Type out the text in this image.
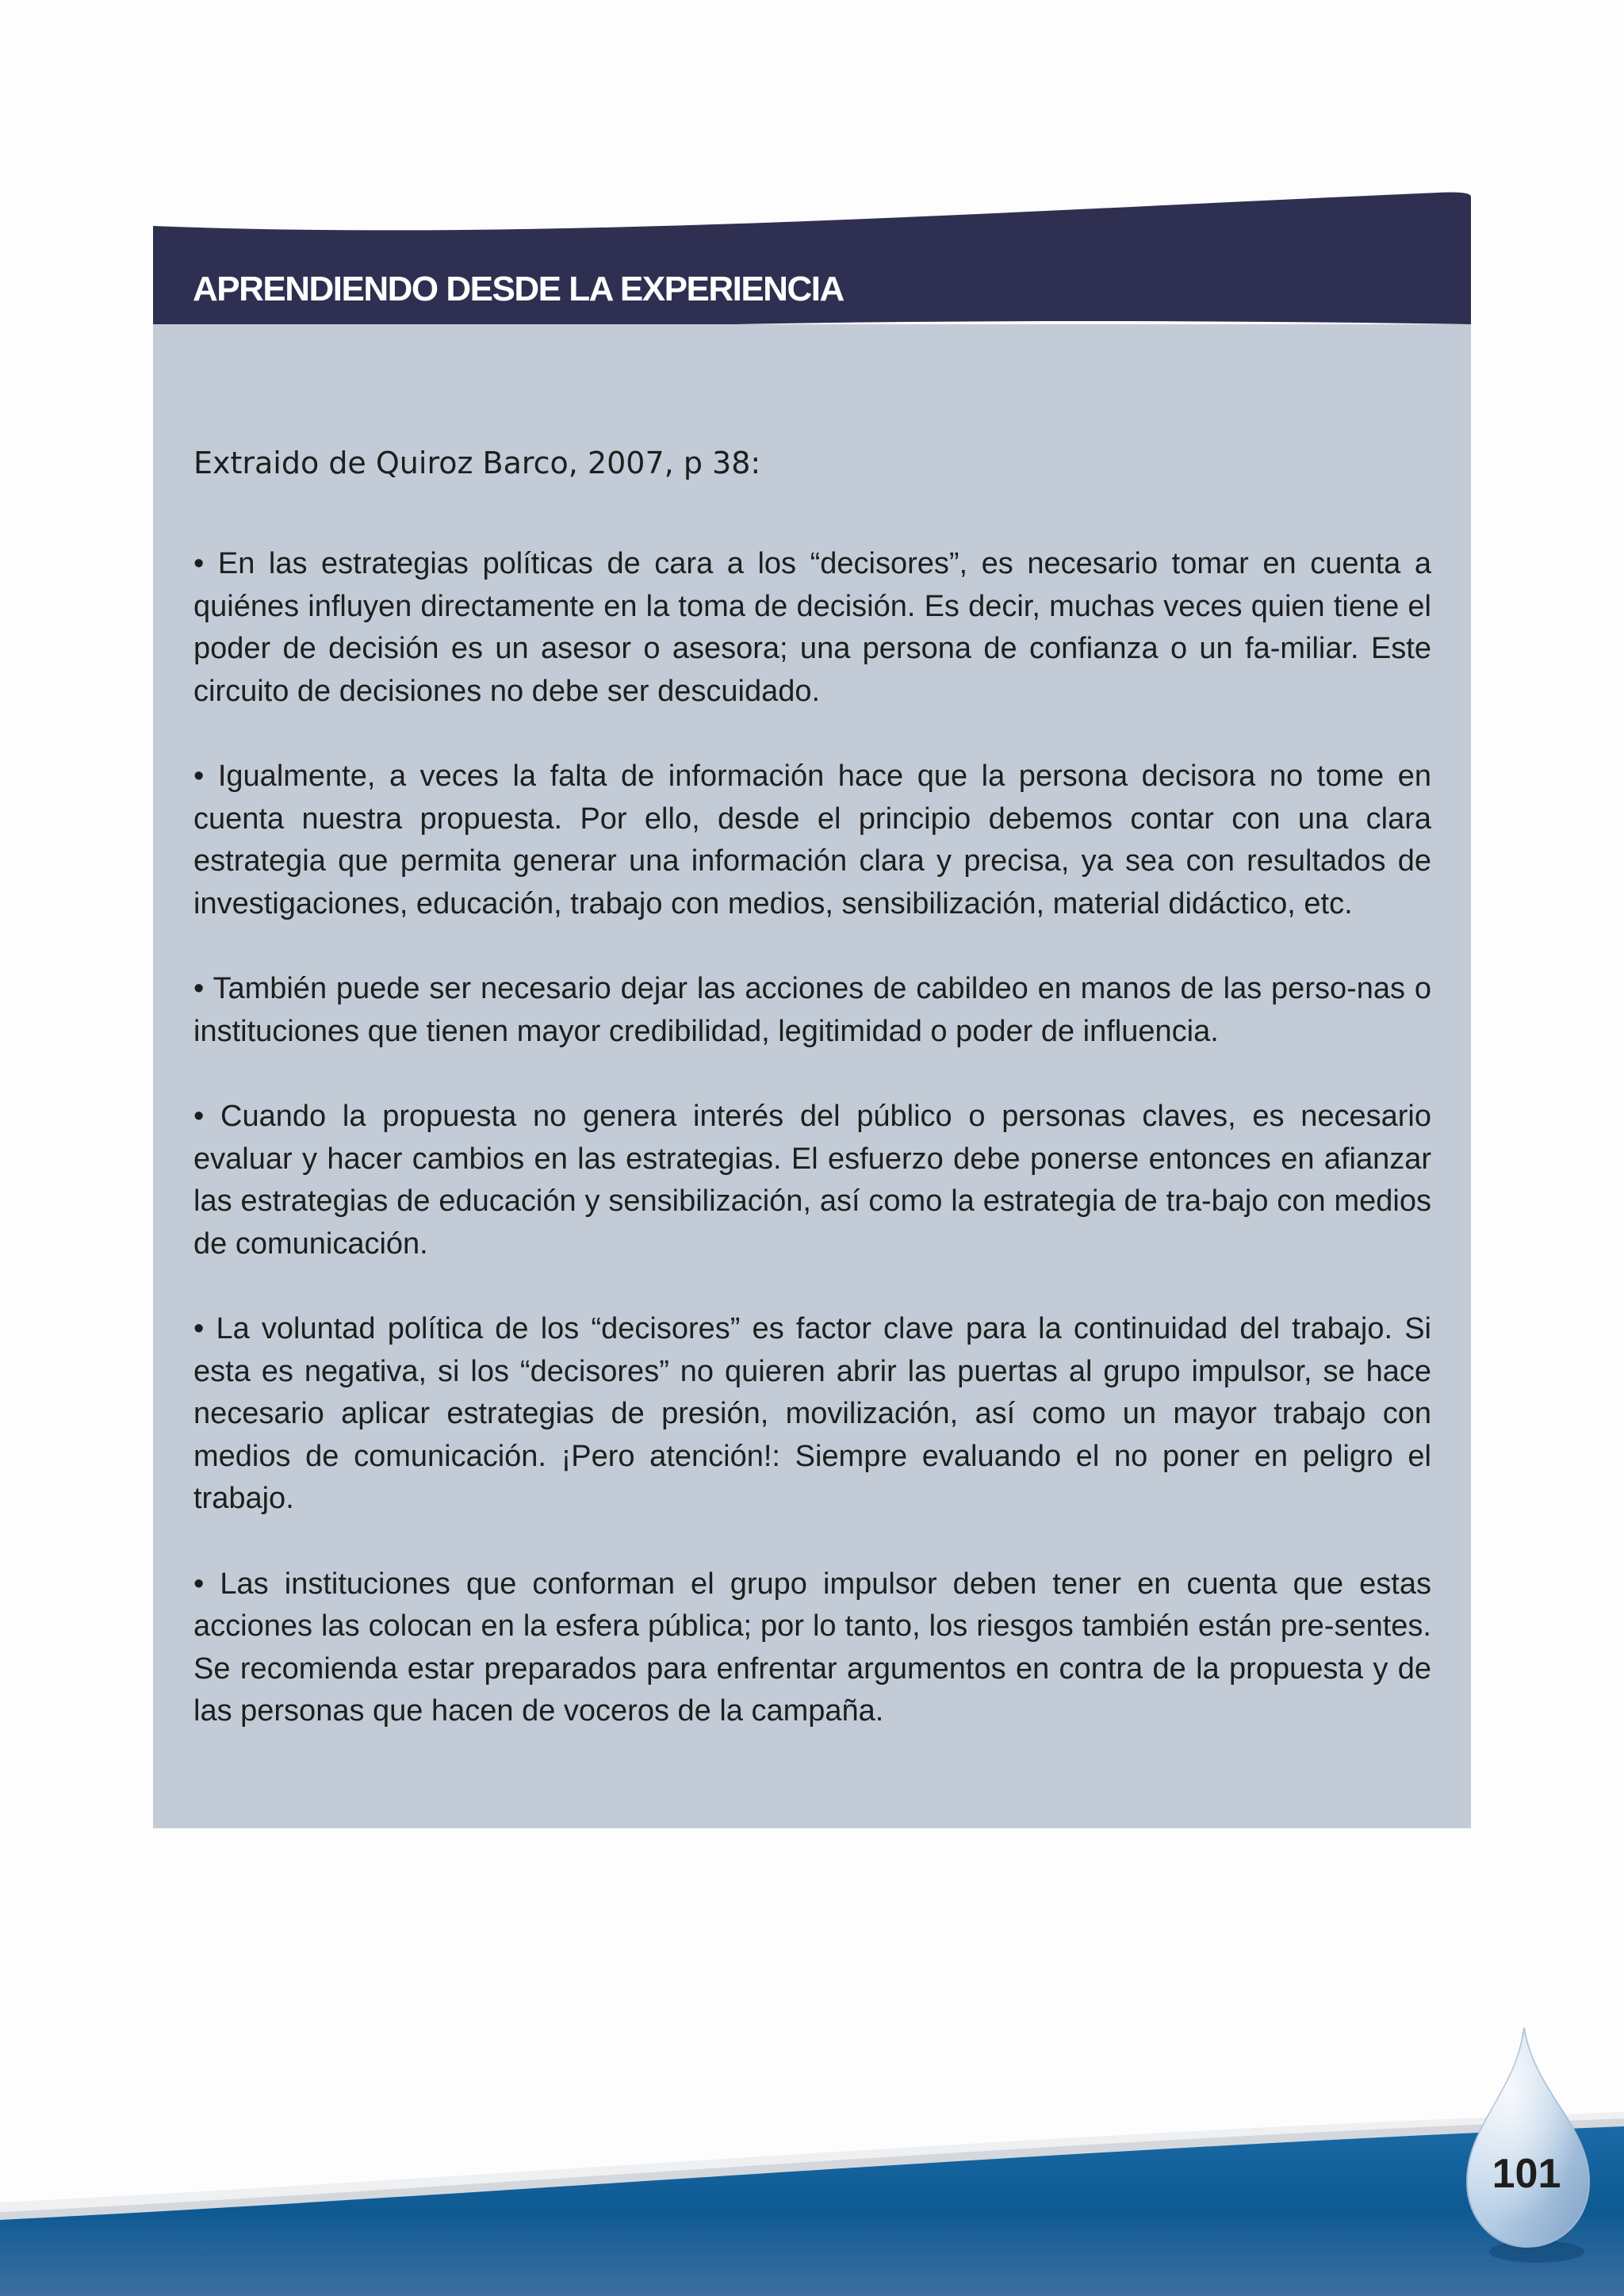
APRENDIENDO DESDE LA EXPERIENCIA
Extraido de Quiroz Barco, 2007, p 38:

• En las estrategias políticas de cara a los “decisores”, es necesario tomar en cuenta a quiénes influyen directamente en la toma de decisión. Es decir, muchas veces quien tiene el poder de decisión es un asesor o asesora; una persona de confianza o un fa-miliar. Este circuito de decisiones no debe ser descuidado.

• Igualmente, a veces la falta de información hace que la persona decisora no tome en cuenta nuestra propuesta. Por ello, desde el principio debemos contar con una clara estrategia que permita generar una información clara y precisa, ya sea con resultados de investigaciones, educación, trabajo con medios, sensibilización, material didáctico, etc.

• También puede ser necesario dejar las acciones de cabildeo en manos de las perso-nas o instituciones que tienen mayor credibilidad, legitimidad o poder de influencia.

• Cuando la propuesta no genera interés del público o personas claves, es necesario evaluar y hacer cambios en las estrategias. El esfuerzo debe ponerse entonces en afianzar las estrategias de educación y sensibilización, así como la estrategia de tra-bajo con medios de comunicación.

• La voluntad política de los “decisores” es factor clave para la continuidad del trabajo. Si esta es negativa, si los “decisores” no quieren abrir las puertas al grupo impulsor, se hace necesario aplicar estrategias de presión, movilización, así como un mayor trabajo con medios de comunicación. ¡Pero atención!: Siempre evaluando el no poner en peligro el trabajo.

• Las instituciones que conforman el grupo impulsor deben tener en cuenta que estas acciones las colocan en la esfera pública; por lo tanto, los riesgos también están pre-sentes. Se recomienda estar preparados para enfrentar argumentos en contra de la propuesta y de las personas que hacen de voceros de la campaña.

101
